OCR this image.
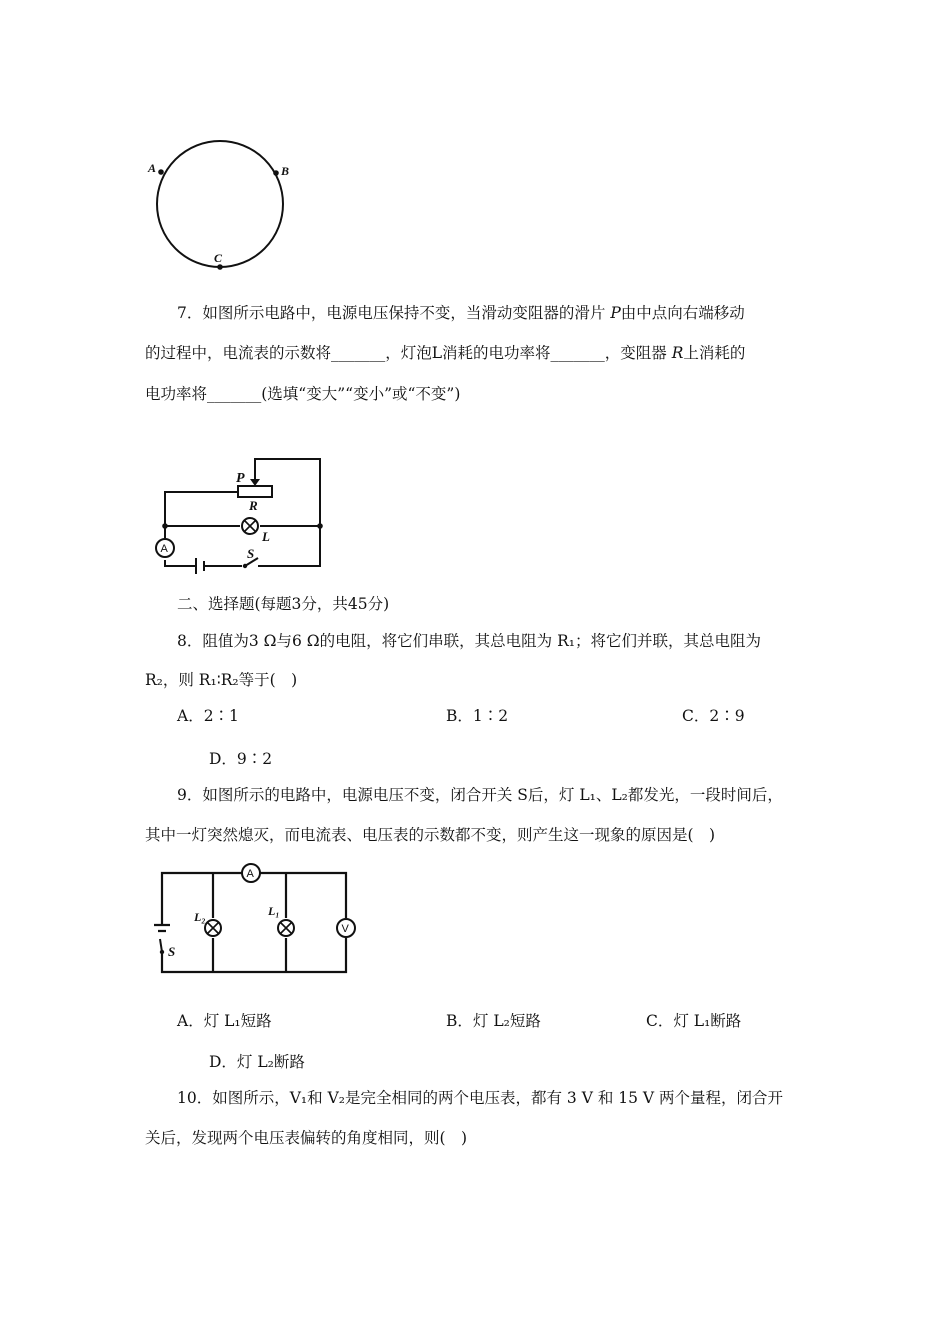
A	B
C
7．如图所示电路中，电源电压保持不变，当滑动变阻器的滑片 P由中点向右端移动
的过程中，电流表的示数将_______，灯泡L消耗的电功率将_______，变阻器 R上消耗的
电功率将_______(选填“变大”“变小”或“不变”)
A
P
R
L
S
二、选择题(每题3分，共45分)
8．阻值为3 Ω与6 Ω的电阻，将它们串联，其总电阻为 R₁；将它们并联，其总电阻为
R₂，则 R₁∶R₂等于(　)
A．2∶1	B．1∶2	C．2∶9
D．9∶2
9．如图所示的电路中，电源电压不变，闭合开关 S后，灯 L₁、L₂都发光，一段时间后，
其中一灯突然熄灭，而电流表、电压表的示数都不变，则产生这一现象的原因是(　)
A
V
L₂	L₁
S
A．灯 L₁短路	B．灯 L₂短路	C．灯 L₁断路
D．灯 L₂断路
10．如图所示，V₁和 V₂是完全相同的两个电压表，都有 3 V 和 15 V 两个量程，闭合开
关后，发现两个电压表偏转的角度相同，则(　)
